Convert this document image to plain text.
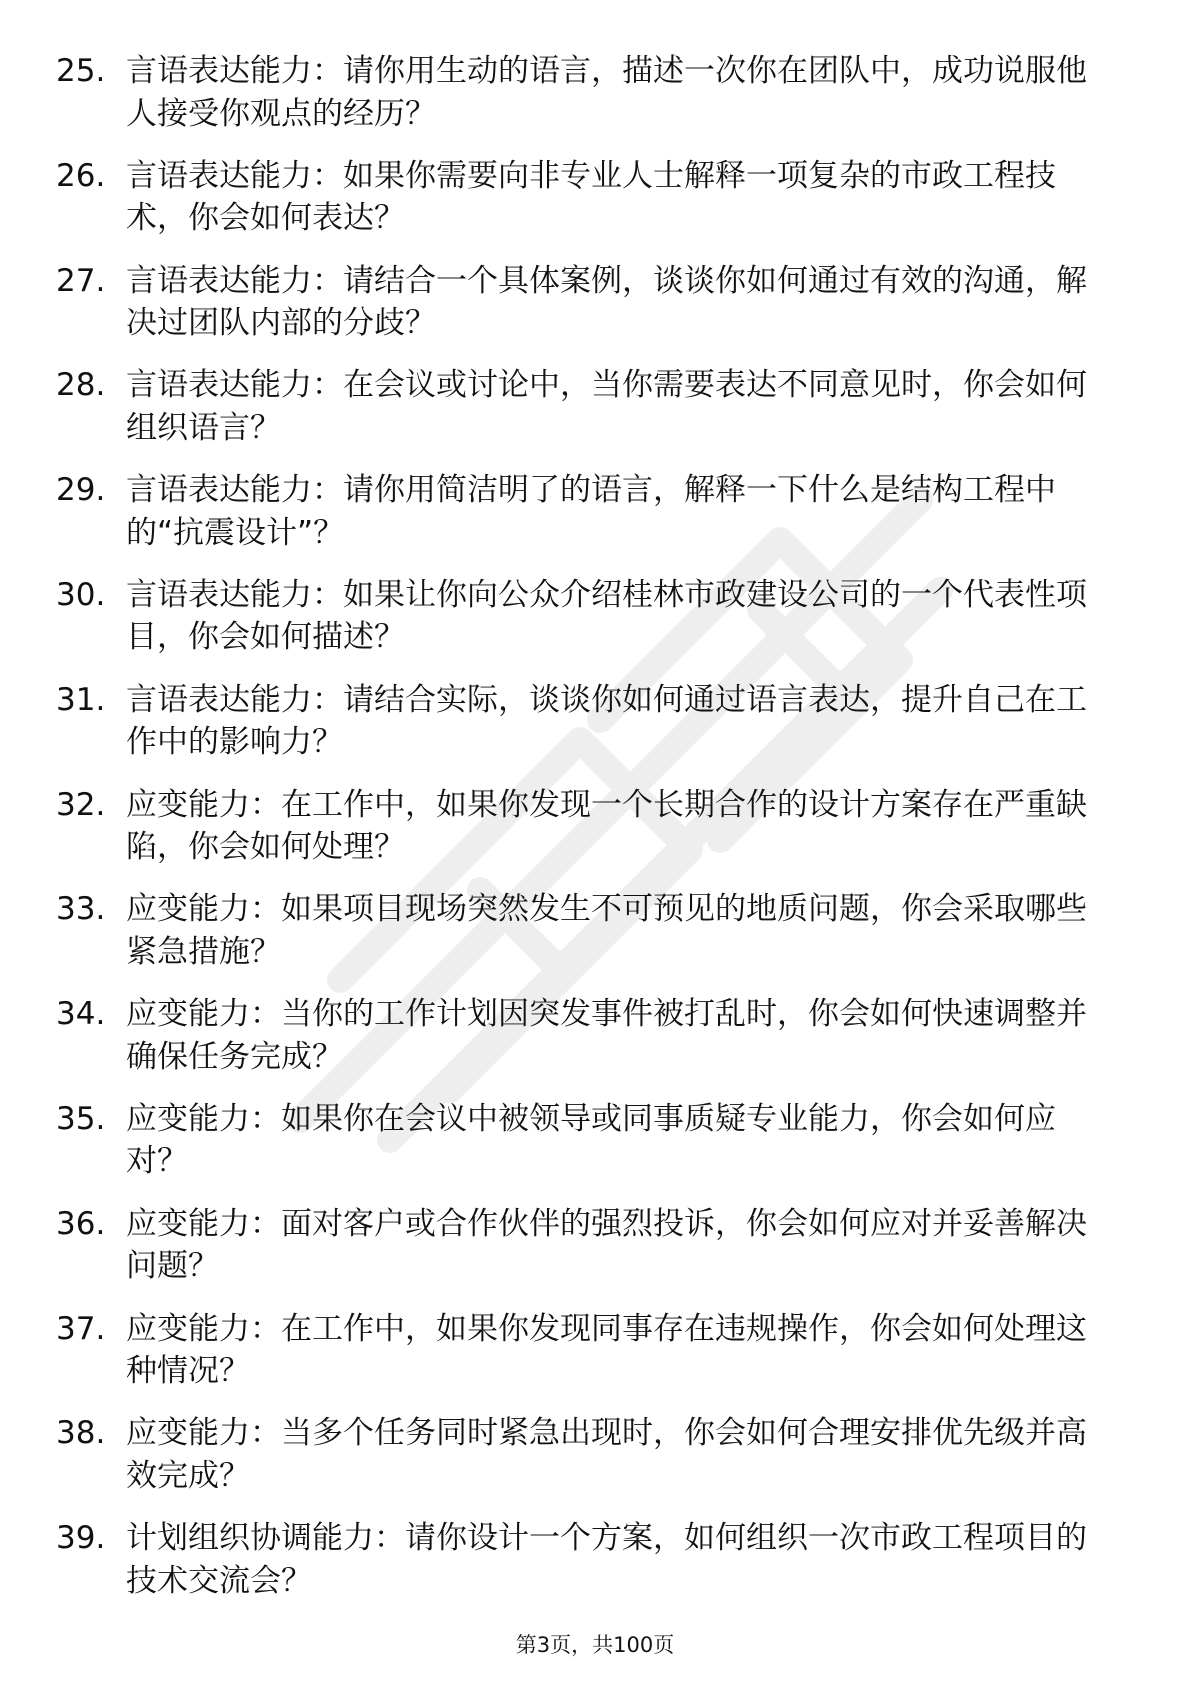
25. 言语表达能力：请你用生动的语言，描述一次你在团队中，成功说服他人接受你观点的经历？
26. 言语表达能力：如果你需要向非专业人士解释一项复杂的市政工程技术，你会如何表达？
27. 言语表达能力：请结合一个具体案例，谈谈你如何通过有效的沟通，解决过团队内部的分歧？
28. 言语表达能力：在会议或讨论中，当你需要表达不同意见时，你会如何组织语言？
29. 言语表达能力：请你用简洁明了的语言，解释一下什么是结构工程中的“抗震设计”？
30. 言语表达能力：如果让你向公众介绍桂林市政建设公司的一个代表性项目，你会如何描述？
31. 言语表达能力：请结合实际，谈谈你如何通过语言表达，提升自己在工作中的影响力？
32. 应变能力：在工作中，如果你发现一个长期合作的设计方案存在严重缺陷，你会如何处理？
33. 应变能力：如果项目现场突然发生不可预见的地质问题，你会采取哪些紧急措施？
34. 应变能力：当你的工作计划因突发事件被打乱时，你会如何快速调整并确保任务完成？
35. 应变能力：如果你在会议中被领导或同事质疑专业能力，你会如何应对？
36. 应变能力：面对客户或合作伙伴的强烈投诉，你会如何应对并妥善解决问题？
37. 应变能力：在工作中，如果你发现同事存在违规操作，你会如何处理这种情况？
38. 应变能力：当多个任务同时紧急出现时，你会如何合理安排优先级并高效完成？
39. 计划组织协调能力：请你设计一个方案，如何组织一次市政工程项目的技术交流会？
第3页，共100页
